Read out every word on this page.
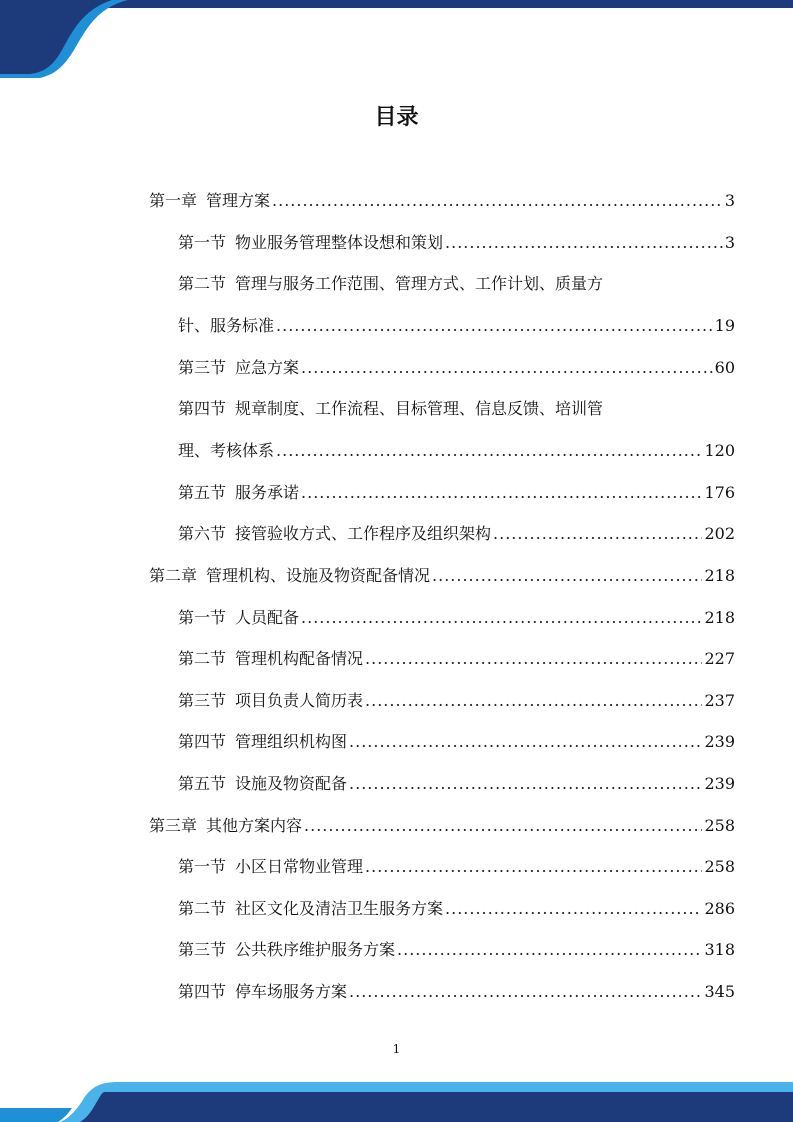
目录
第一章 管理方案 .....	3
第一节 物业服务管理整体设想和策划 .....	3
第二节 管理与服务工作范围、管理方式、工作计划、质量方
针、服务标准 .....	19
第三节 应急方案 .....	60
第四节 规章制度、工作流程、目标管理、信息反馈、培训管
理、考核体系 .....	120
第五节 服务承诺 .....	176
第六节 接管验收方式、工作程序及组织架构 .....	202
第二章 管理机构、设施及物资配备情况 .....	218
第一节 人员配备 .....	218
第二节 管理机构配备情况 .....	227
第三节 项目负责人简历表 .....	237
第四节 管理组织机构图 .....	239
第五节 设施及物资配备 .....	239
第三章 其他方案内容 .....	258
第一节 小区日常物业管理 .....	258
第二节 社区文化及清洁卫生服务方案 .....	286
第三节 公共秩序维护服务方案 .....	318
第四节 停车场服务方案 .....	345
1
